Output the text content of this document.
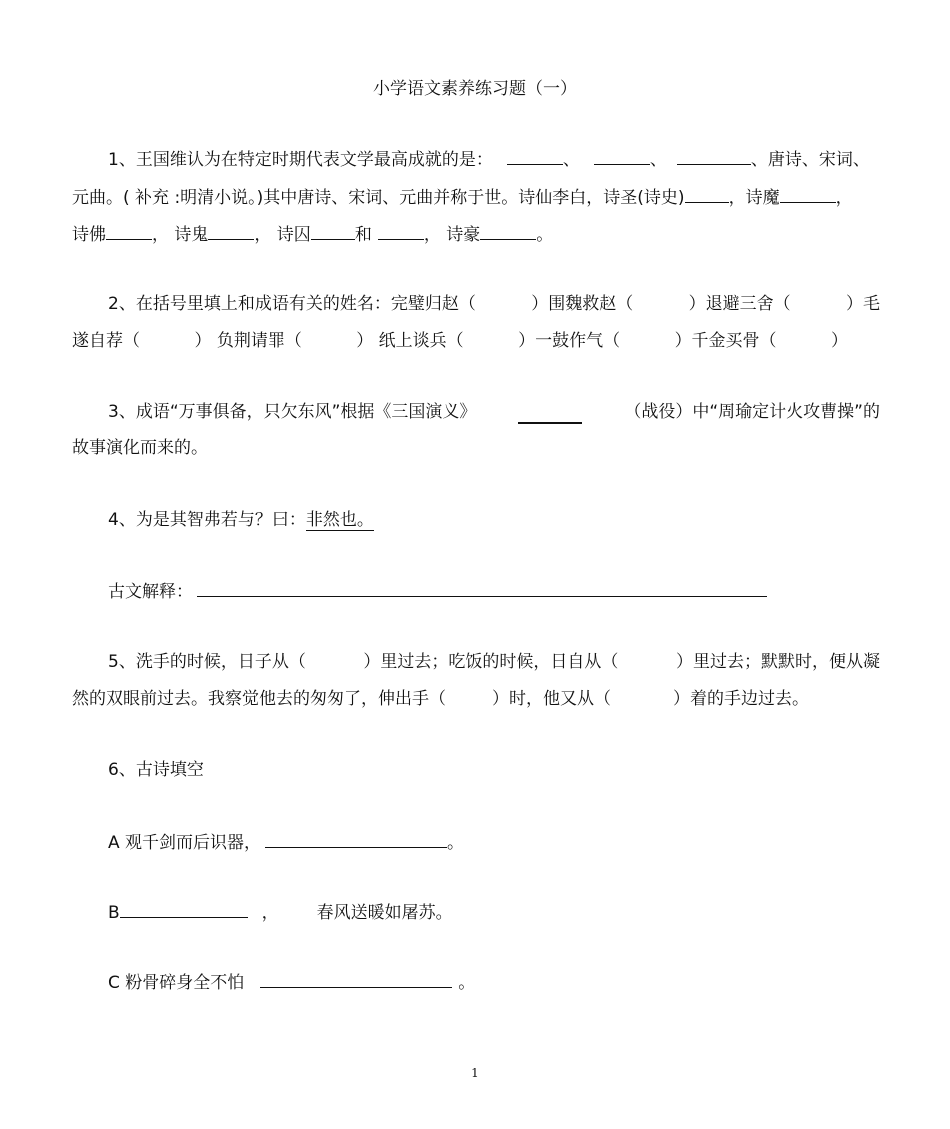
小学语文素养练习题（一）
1、王国维认为在特定时期代表文学最高成就的是：	、	、	、唐诗、宋词、
元曲。( 补充 :明清小说。)其中唐诗、宋词、元曲并称于世。诗仙李白，诗圣(诗史)	，诗魔	，
诗佛	， 诗鬼	， 诗囚	和	， 诗豪	。
2、在括号里填上和成语有关的姓名：完璧归赵（	）围魏救赵（	）退避三舍（	）毛
遂自荐（	） 负荆请罪（	） 纸上谈兵（	）一鼓作气（	）千金买骨（	）
3、成语“万事俱备，只欠东风”根据《三国演义》	（战役）中“周瑜定计火攻曹操”的
故事演化而来的。
4、为是其智弗若与？曰：非然也。
古文解释：
5、洗手的时候，日子从（	）里过去；吃饭的时候，日自从（	）里过去；默默时，便从凝
然的双眼前过去。我察觉他去的匆匆了，伸出手（	）时，他又从（	）着的手边过去。
6、古诗填空
A 观千剑而后识器，	。
B	， 春风送暖如屠苏。
C 粉骨碎身全不怕	。
1
